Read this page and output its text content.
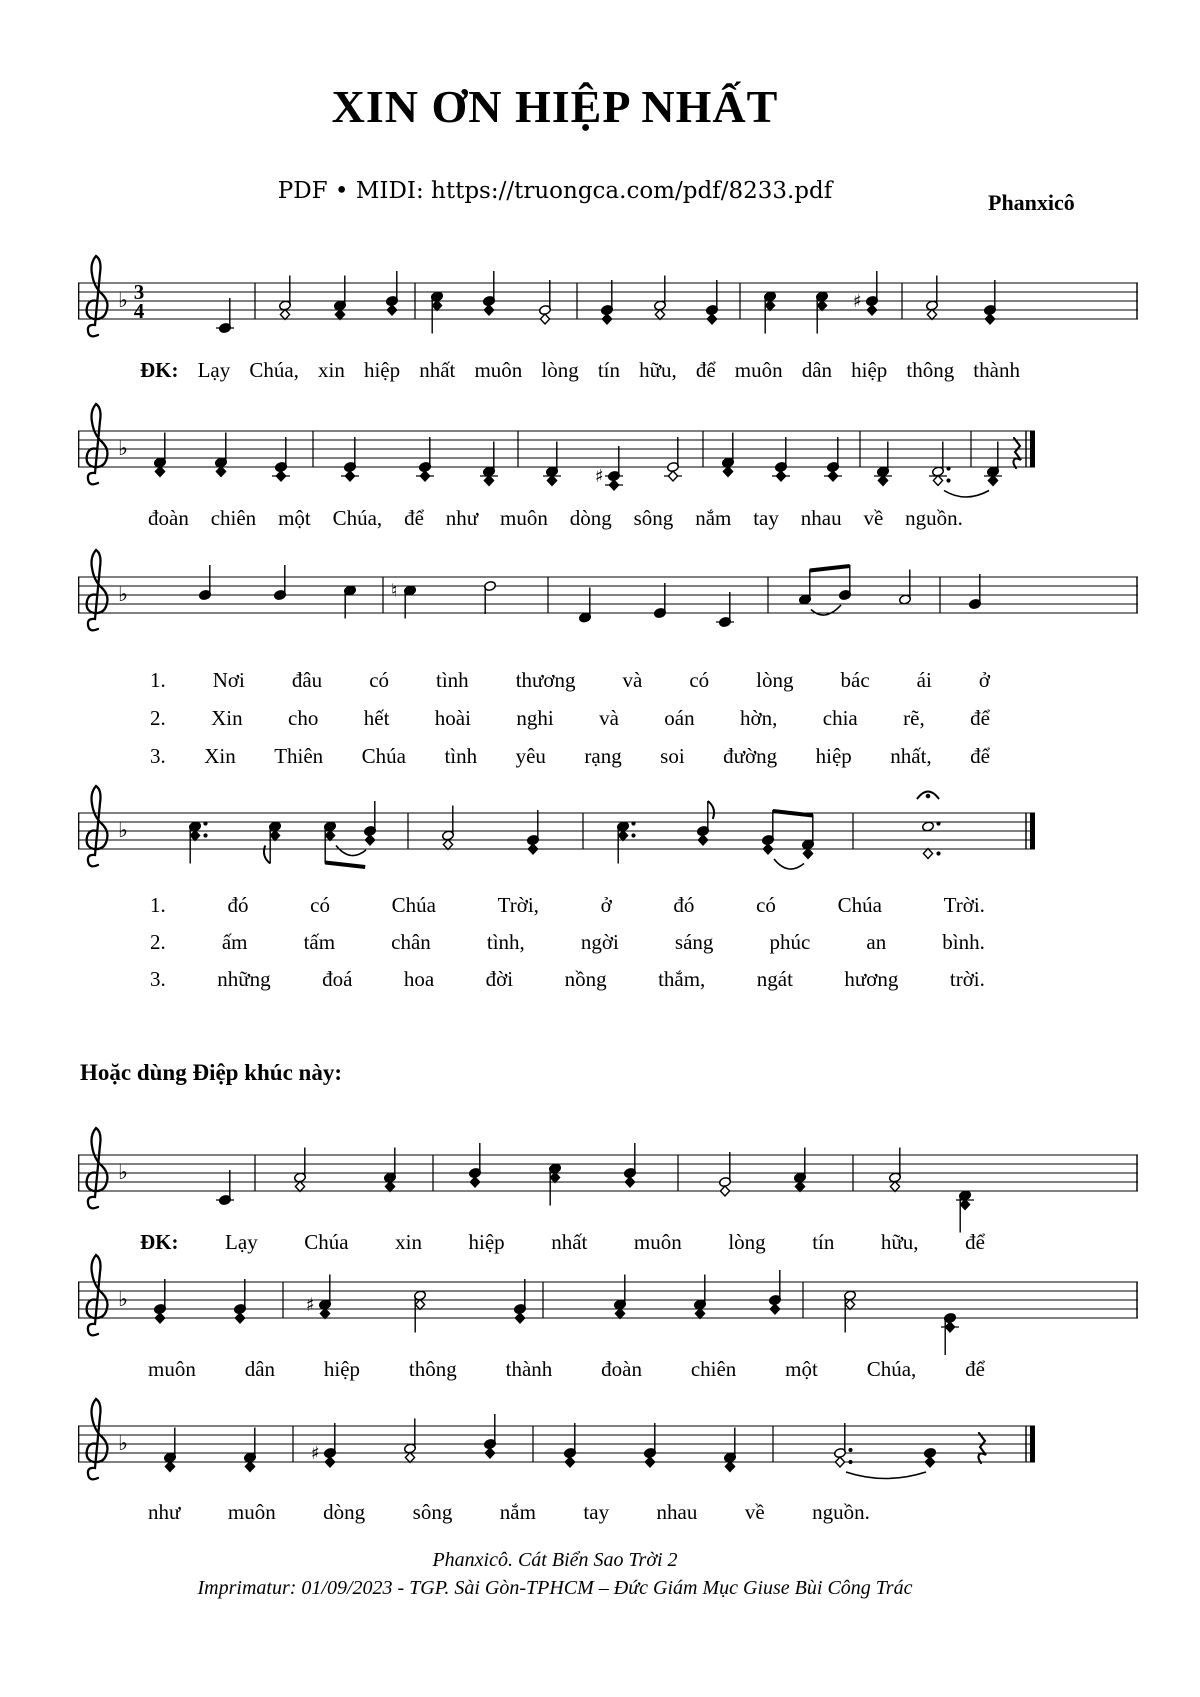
XIN ƠN HIỆP NHẤT
PDF • MIDI: https://truongca.com/pdf/8233.pdf	Phanxicô
♭ 3
4	♯
ĐK: Lạy Chúa, xin hiệp nhất muôn lòng tín hữu, để muôn dân hiệp thông thành
♭
♯
đoàn chiên một Chúa, để như muôn dòng sông nắm tay nhau về nguồn.
♭	♮
1. Nơi đâu có tình thương và có lòng bác ái ở
2. Xin cho hết hoài nghi và oán hờn, chia rẽ, để
3. Xin Thiên Chúa tình yêu rạng soi đường hiệp nhất, để
♭
1.	đó	có	Chúa	Trời,	ở	đó	có	Chúa	Trời.
2.	ấm	tấm	chân	tình,	ngời	sáng	phúc	an	bình.
3. những đoá hoa đời nồng thắm, ngát hương trời.
Hoặc dùng Điệp khúc này:
♭
ĐK: Lạy Chúa xin hiệp nhất muôn lòng tín hữu, để
♭	♯
muôn dân hiệp thông thành đoàn chiên một Chúa, để
♭	♯
như muôn dòng sông nắm tay nhau về nguồn.
Phanxicô. Cát Biển Sao Trời 2
Imprimatur: 01/09/2023 - TGP. Sài Gòn-TPHCM – Đức Giám Mục Giuse Bùi Công Trác
